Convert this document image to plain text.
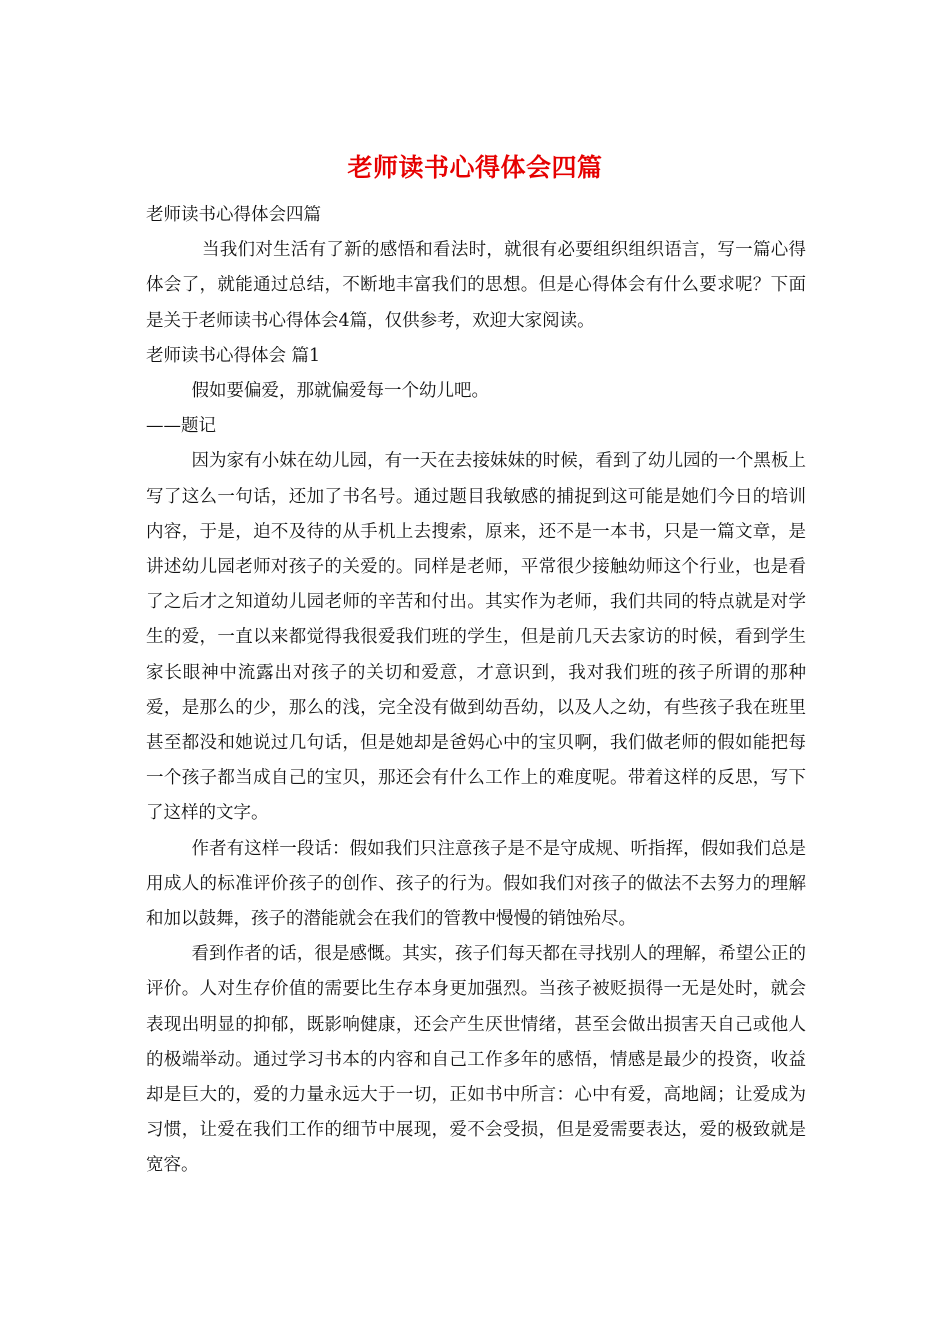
老师读书心得体会四篇

老师读书心得体会四篇

当我们对生活有了新的感悟和看法时，就很有必要组织组织语言，写一篇心得体会了，就能通过总结，不断地丰富我们的思想。但是心得体会有什么要求呢？下面是关于老师读书心得体会4篇，仅供参考，欢迎大家阅读。

老师读书心得体会 篇1

假如要偏爱，那就偏爱每一个幼儿吧。

——题记

因为家有小妹在幼儿园，有一天在去接妹妹的时候，看到了幼儿园的一个黑板上写了这么一句话，还加了书名号。通过题目我敏感的捕捉到这可能是她们今日的培训内容，于是，迫不及待的从手机上去搜索，原来，还不是一本书，只是一篇文章，是讲述幼儿园老师对孩子的关爱的。同样是老师，平常很少接触幼师这个行业，也是看了之后才之知道幼儿园老师的辛苦和付出。其实作为老师，我们共同的特点就是对学生的爱，一直以来都觉得我很爱我们班的学生，但是前几天去家访的时候，看到学生家长眼神中流露出对孩子的关切和爱意，才意识到，我对我们班的孩子所谓的那种爱，是那么的少，那么的浅，完全没有做到幼吾幼，以及人之幼，有些孩子我在班里甚至都没和她说过几句话，但是她却是爸妈心中的宝贝啊，我们做老师的假如能把每一个孩子都当成自己的宝贝，那还会有什么工作上的难度呢。带着这样的反思，写下了这样的文字。

作者有这样一段话：假如我们只注意孩子是不是守成规、听指挥，假如我们总是用成人的标准评价孩子的创作、孩子的行为。假如我们对孩子的做法不去努力的理解和加以鼓舞，孩子的潜能就会在我们的管教中慢慢的销蚀殆尽。

看到作者的话，很是感慨。其实，孩子们每天都在寻找别人的理解，希望公正的评价。人对生存价值的需要比生存本身更加强烈。当孩子被贬损得一无是处时，就会表现出明显的抑郁，既影响健康，还会产生厌世情绪，甚至会做出损害天自己或他人的极端举动。通过学习书本的内容和自己工作多年的感悟，情感是最少的投资，收益却是巨大的，爱的力量永远大于一切，正如书中所言：心中有爱，高地阔；让爱成为习惯，让爱在我们工作的细节中展现，爱不会受损，但是爱需要表达，爱的极致就是宽容。
